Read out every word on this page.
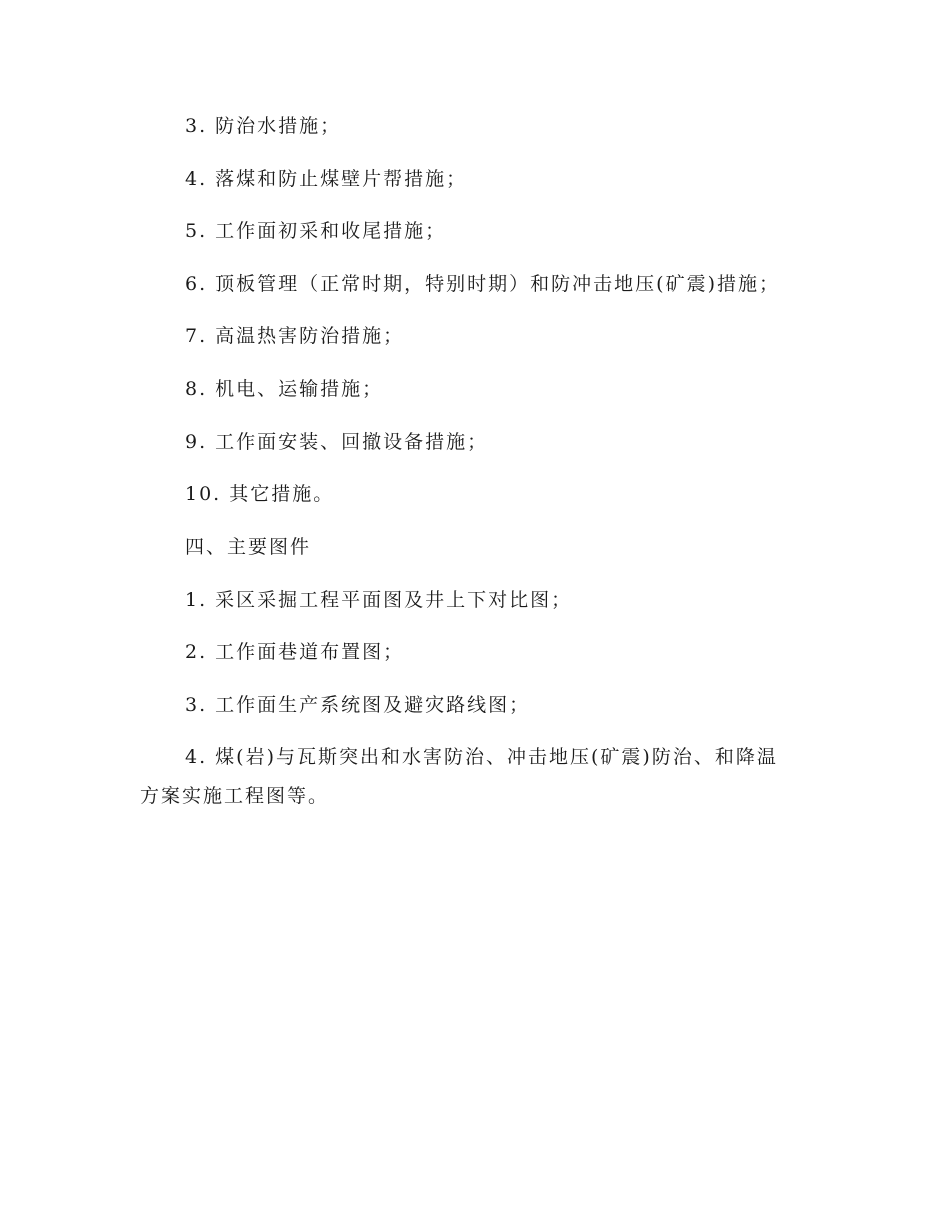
3. 防治水措施；
4. 落煤和防止煤壁片帮措施；
5. 工作面初采和收尾措施；
6. 顶板管理（正常时期，特别时期）和防冲击地压(矿震)措施；
7. 高温热害防治措施；
8. 机电、运输措施；
9. 工作面安装、回撤设备措施；
10. 其它措施。
四、主要图件
1. 采区采掘工程平面图及井上下对比图；
2. 工作面巷道布置图；
3. 工作面生产系统图及避灾路线图；
4. 煤(岩)与瓦斯突出和水害防治、冲击地压(矿震)防治、和降温
方案实施工程图等。
